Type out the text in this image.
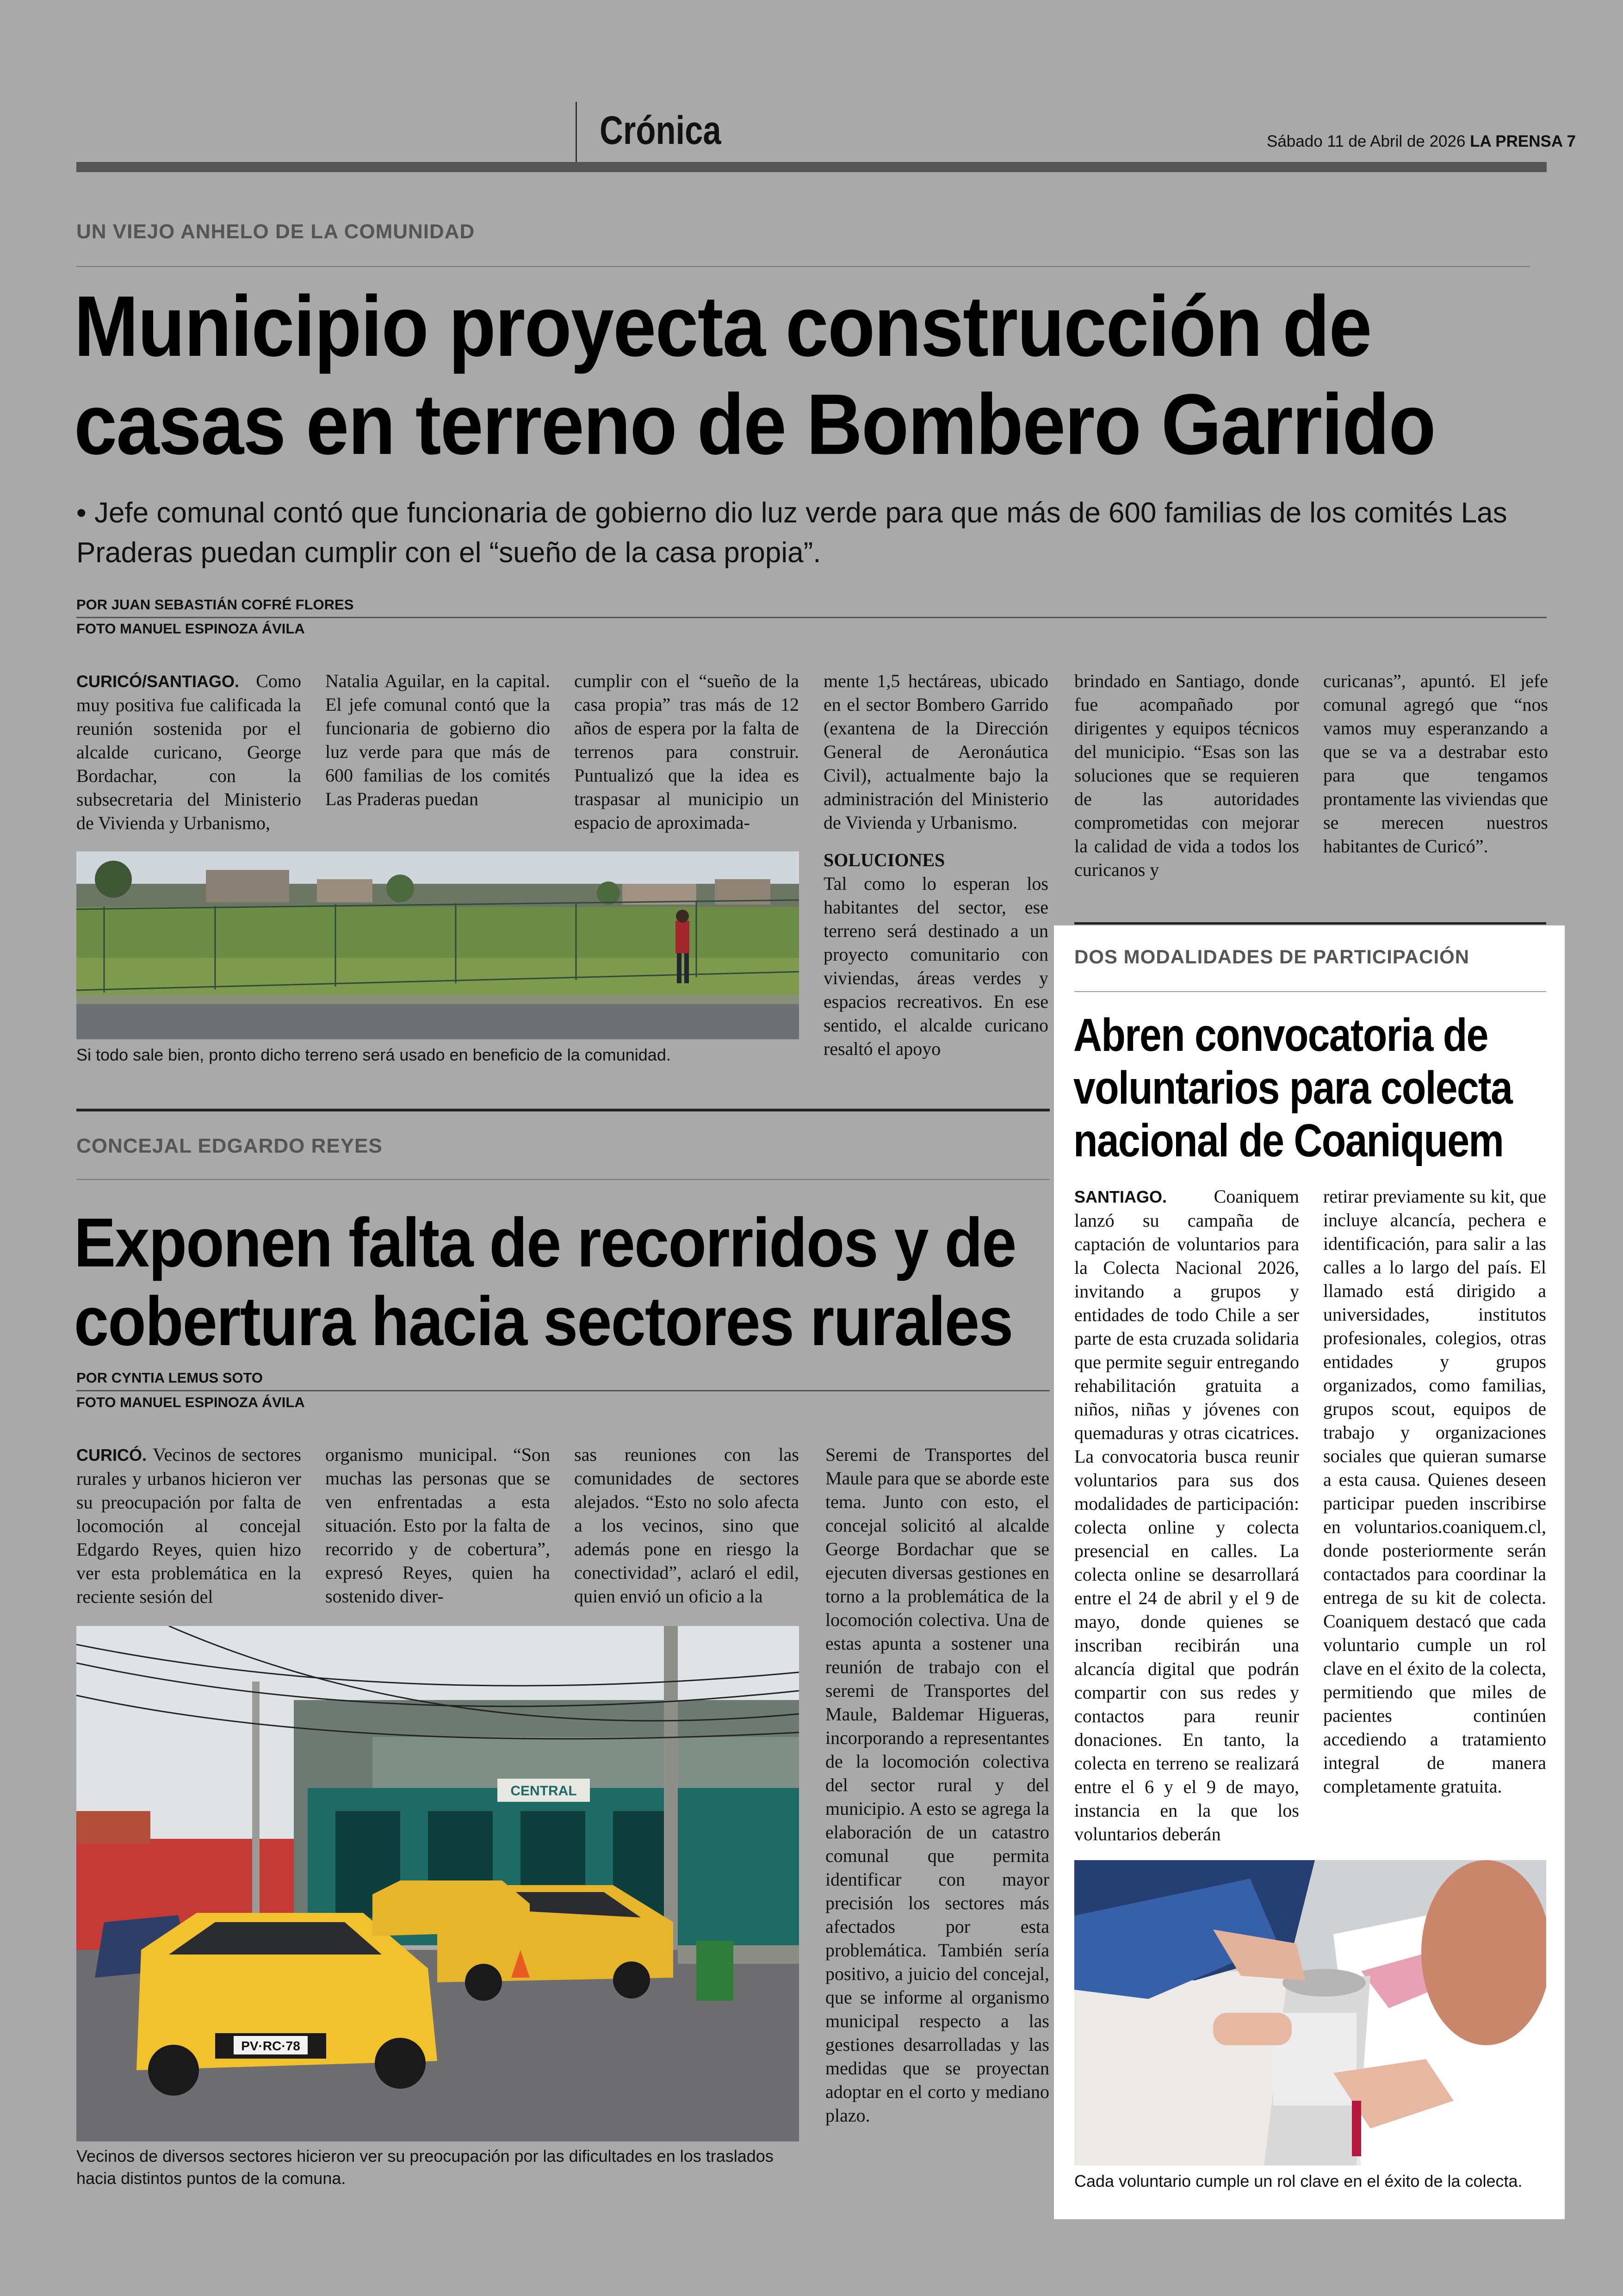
Crónica	Sábado 11 de Abril de 2026 LA PRENSA 7
UN VIEJO ANHELO DE LA COMUNIDAD
Municipio proyecta construcción de
casas en terreno de Bombero Garrido
• Jefe comunal contó que funcionaria de gobierno dio luz verde para que más de 600 familias de los comités Las
Praderas puedan cumplir con el “sueño de la casa propia”.
POR JUAN SEBASTIÁN COFRÉ FLORES
FOTO MANUEL ESPINOZA ÁVILA
CURICÓ/SANTIAGO. Como muy positiva fue calificada la reunión sostenida por el alcalde curicano, George Bordachar, con la subsecretaria del Ministerio de Vivienda y Urbanismo,
Natalia Aguilar, en la capital. El jefe comunal contó que la funcionaria de gobierno dio luz verde para que más de 600 familias de los comités Las Praderas puedan
cumplir con el “sueño de la casa propia” tras más de 12 años de espera por la falta de terrenos para construir. Puntualizó que la idea es traspasar al municipio un espacio de aproximada-

mente 1,5 hectáreas, ubicado en el sector Bombero Garrido (exantena de la Dirección General de Aeronáutica Civil), actualmente bajo la administración del Ministerio de Vivienda y Urbanismo.

SOLUCIONES

Tal como lo esperan los habitantes del sector, ese terreno será destinado a un proyecto comunitario con viviendas, áreas verdes y espacios recreativos. En ese sentido, el alcalde curicano resaltó el apoyo

brindado en Santiago, donde fue acompañado por dirigentes y equipos técnicos del municipio. “Esas son las soluciones que se requieren de las autoridades comprometidas con mejorar la calidad de vida a todos los curicanos y
curicanas”, apuntó. El jefe comunal agregó que “nos vamos muy esperanzando a que se va a destrabar esto para que tengamos prontamente las viviendas que se merecen nuestros habitantes de Curicó”.
Si todo sale bien, pronto dicho terreno será usado en beneficio de la comunidad.
CONCEJAL EDGARDO REYES
Exponen falta de recorridos y de
cobertura hacia sectores rurales
POR CYNTIA LEMUS SOTO
FOTO MANUEL ESPINOZA ÁVILA
CURICÓ. Vecinos de sectores rurales y urbanos hicieron ver su preocupación por falta de locomoción al concejal Edgardo Reyes, quien hizo ver esta problemática en la reciente sesión del
organismo municipal. “Son muchas las personas que se ven enfrentadas a esta situación. Esto por la falta de recorrido y de cobertura”, expresó Reyes, quien ha sostenido diver-
sas reuniones con las comunidades de sectores alejados. “Esto no solo afecta a los vecinos, sino que además pone en riesgo la conectividad”, aclaró el edil, quien envió un oficio a la
Seremi de Transportes del Maule para que se aborde este tema. Junto con esto, el concejal solicitó al alcalde George Bordachar que se ejecuten diversas gestiones en torno a la problemática de la locomoción colectiva. Una de estas apunta a sostener una reunión de trabajo con el seremi de Transportes del Maule, Baldemar Higueras, incorporando a representantes de la locomoción colectiva del sector rural y del municipio. A esto se agrega la elaboración de un catastro comunal que permita identificar con mayor precisión los sectores más afectados por esta problemática. También sería positivo, a juicio del concejal, que se informe al organismo municipal respecto a las gestiones desarrolladas y las medidas que se proyectan adoptar en el corto y mediano plazo.
CENTRAL
PV·RC·78
Vecinos de diversos sectores hicieron ver su preocupación por las dificultades en los traslados
hacia distintos puntos de la comuna.
DOS MODALIDADES DE PARTICIPACIÓN
Abren convocatoria de
voluntarios para colecta
nacional de Coaniquem
SANTIAGO.	Coaniquem lanzó su campaña de captación de voluntarios para la Colecta Nacional 2026, invitando a grupos y entidades de todo Chile a ser parte de esta cruzada solidaria que permite seguir entregando rehabilitación gratuita a niños, niñas y jóvenes con quemaduras y otras cicatrices. La convocatoria busca reunir voluntarios para sus dos modalidades de participación: colecta online y colecta presencial en calles. La colecta online se desarrollará entre el 24 de abril y el 9 de mayo, donde quienes se inscriban recibirán una alcancía digital que podrán compartir con sus redes y contactos para reunir donaciones. En tanto, la colecta en terreno se realizará entre el 6 y el 9 de mayo, instancia en la que los voluntarios deberán
retirar previamente su kit, que incluye alcancía, pechera e identificación, para salir a las calles a lo largo del país. El llamado está dirigido a universidades, institutos profesionales, colegios, otras entidades y grupos organizados, como familias, grupos scout, equipos de trabajo y organizaciones sociales que quieran sumarse a esta causa. Quienes deseen participar pueden inscribirse en voluntarios.coaniquem.cl, donde posteriormente serán contactados para coordinar la entrega de su kit de colecta. Coaniquem destacó que cada voluntario cumple un rol clave en el éxito de la colecta, permitiendo que miles de pacientes continúen accediendo a tratamiento integral de manera completamente gratuita.
Cada voluntario cumple un rol clave en el éxito de la colecta.
